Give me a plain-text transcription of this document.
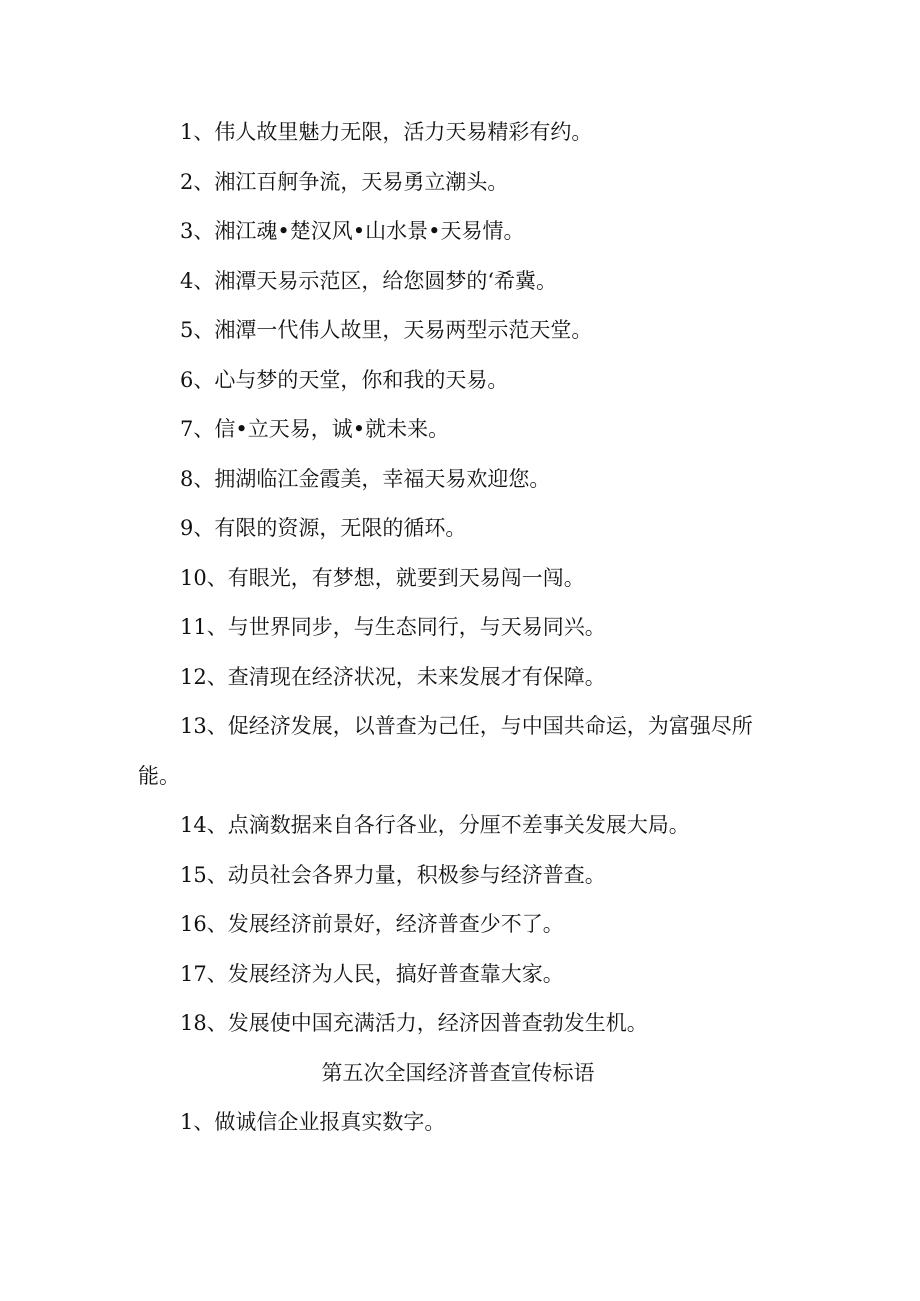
1、伟人故里魅力无限，活力天易精彩有约。

2、湘江百舸争流，天易勇立潮头。

3、湘江魂•楚汉风•山水景•天易情。

4、湘潭天易示范区，给您圆梦的‘希冀。

5、湘潭一代伟人故里，天易两型示范天堂。

6、心与梦的天堂，你和我的天易。

7、信•立天易，诚•就未来。

8、拥湖临江金霞美，幸福天易欢迎您。

9、有限的资源，无限的循环。

10、有眼光，有梦想，就要到天易闯一闯。

11、与世界同步，与生态同行，与天易同兴。

12、查清现在经济状况，未来发展才有保障。

13、促经济发展，以普查为己任，与中国共命运，为富强尽所能。

14、点滴数据来自各行各业，分厘不差事关发展大局。

15、动员社会各界力量，积极参与经济普查。

16、发展经济前景好，经济普查少不了。

17、发展经济为人民，搞好普查靠大家。

18、发展使中国充满活力，经济因普查勃发生机。

第五次全国经济普查宣传标语

1、做诚信企业报真实数字。
